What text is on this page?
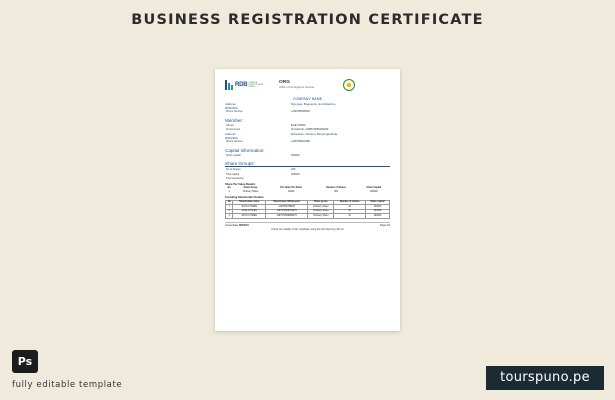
BUSINESS REGISTRATION CERTIFICATE
RDB RWANDA DEVELOPMENT BOARD
ORG
Office of the Registrar General
COMPANY NAME
Address	Nyuyage, Bugesera, Gumbikarube,
RWANDA
Phone Number	+250785006526
Member:
Names	ELIE KIZIBA
ID document	ID Card No: 1198570065166209
Address	Ethandwe, Rubavu, Bimpingambula,
RWANDA
Phone Number	+250785243280
Capital information:
Share capital	200000
Share Groups:
No of Shares	200
Total capital	200000
Total Guarantee
Share Per Value Details:
No	Share Group	Per Value Per Share	Number of Shares	Share Capital
1	Ordinary Share	10000	300	300000
Founding Shareholder Details:
No	Shareholder name	Shareholder ID/Passport	Share group	Number of shares	Share capital
1	JOHN CITIZEN	1197900768940	Ordinary Share	10	100000
2	JANE CITIZEN	1197973969784976	Ordinary Share	10	100000
3	JOHN CITIZEN	1197973969989076	Ordinary Share	10	100000
Issued Date 08/27/21	Page 2/2
Check the validity of this certificate using the link http://org.rdb.rw/
Ps
fully editable template	tourspuno.pe
